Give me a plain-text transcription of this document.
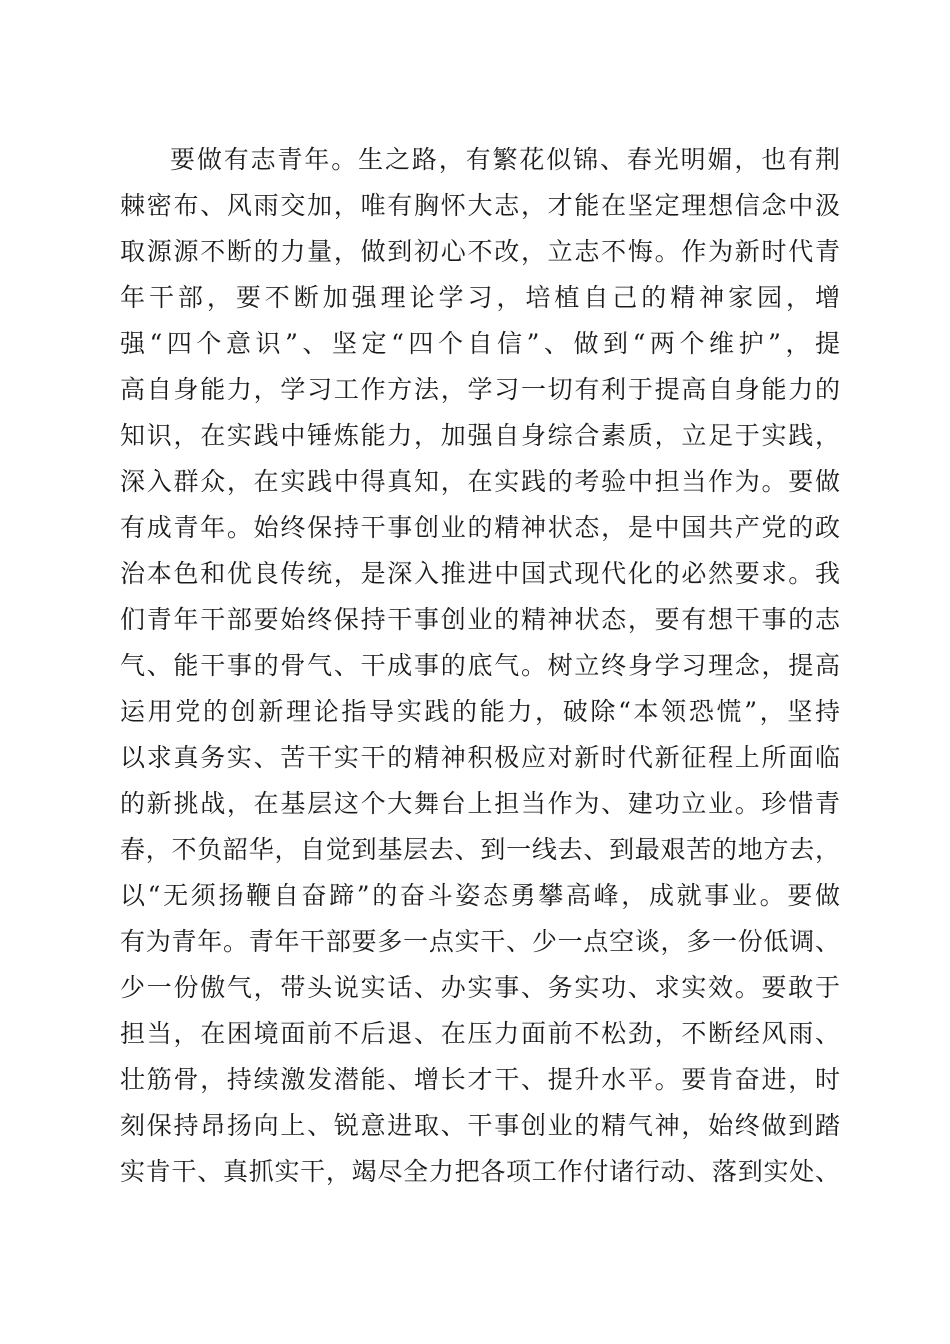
要做有志青年。生之路，有繁花似锦、春光明媚，也有荆
棘密布、风雨交加，唯有胸怀大志，才能在坚定理想信念中汲
取源源不断的力量，做到初心不改，立志不悔。作为新时代青
年干部，要不断加强理论学习，培植自己的精神家园，增
强“四个意识”、坚定“四个自信”、做到“两个维护”，提
高自身能力，学习工作方法，学习一切有利于提高自身能力的
知识，在实践中锤炼能力，加强自身综合素质，立足于实践，
深入群众，在实践中得真知，在实践的考验中担当作为。要做
有成青年。始终保持干事创业的精神状态，是中国共产党的政
治本色和优良传统，是深入推进中国式现代化的必然要求。我
们青年干部要始终保持干事创业的精神状态，要有想干事的志
气、能干事的骨气、干成事的底气。树立终身学习理念，提高
运用党的创新理论指导实践的能力，破除“本领恐慌”，坚持
以求真务实、苦干实干的精神积极应对新时代新征程上所面临
的新挑战，在基层这个大舞台上担当作为、建功立业。珍惜青
春，不负韶华，自觉到基层去、到一线去、到最艰苦的地方去，
以“无须扬鞭自奋蹄”的奋斗姿态勇攀高峰，成就事业。要做
有为青年。青年干部要多一点实干、少一点空谈，多一份低调、
少一份傲气，带头说实话、办实事、务实功、求实效。要敢于
担当，在困境面前不后退、在压力面前不松劲，不断经风雨、
壮筋骨，持续激发潜能、增长才干、提升水平。要肯奋进，时
刻保持昂扬向上、锐意进取、干事创业的精气神，始终做到踏
实肯干、真抓实干，竭尽全力把各项工作付诸行动、落到实处、
